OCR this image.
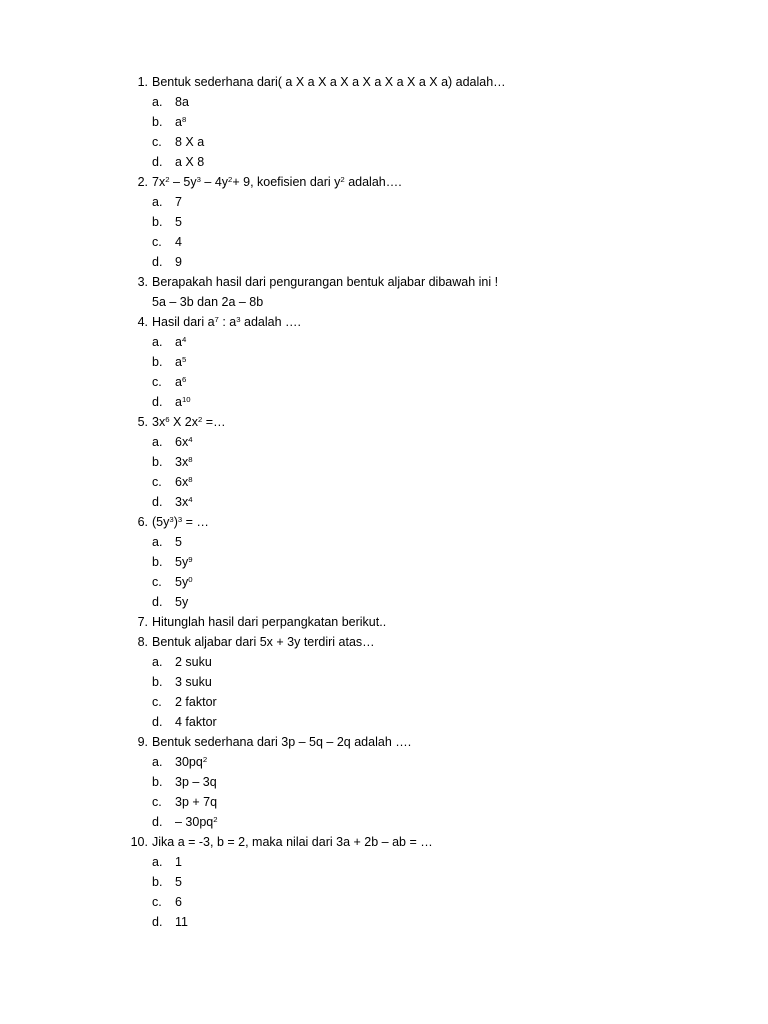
1. Bentuk sederhana dari( a X a X a X a X a X a X a X a) adalah…
a. 8a
b. $a^8$
c. 8 X a
d. a X 8
2. $7x^2 - 5y^3 - 4y^2+ 9$, koefisien dari $y^2$ adalah….
a. 7
b. 5
c. 4
d. 9
3. Berapakah hasil dari pengurangan bentuk aljabar dibawah ini !
5a – 3b dan 2a – 8b
4. Hasil dari $a^7$ : $a^3$ adalah ….
a. $a^4$
b. $a^5$
c. $a^6$
d. $a^{10}$
5. $3x^6$ X $2x^2$ =…
a. $6x^4$
b. $3x^8$
c. $6x^8$
d. $3x^4$
6. $(5y^3)^3$ = …
a. 5
b. $5y^9$
c. $5y^0$
d. 5y
7. Hitunglah hasil dari perpangkatan berikut..
8. Bentuk aljabar dari 5x + 3y terdiri atas…
a. 2 suku
b. 3 suku
c. 2 faktor
d. 4 faktor
9. Bentuk sederhana dari 3p – 5q – 2q adalah ….
a. $30pq^2$
b. 3p – 3q
c. 3p + 7q
d. – $30pq^2$
10. Jika a = -3, b = 2, maka nilai dari 3a + 2b – ab = …
a. 1
b. 5
c. 6
d. 11
